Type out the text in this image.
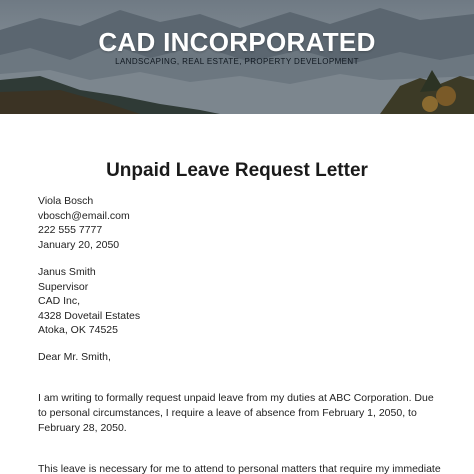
CAD INCORPORATED
LANDSCAPING, REAL ESTATE, PROPERTY DEVELOPMENT
Unpaid Leave Request Letter
Viola Bosch
vbosch@email.com
222 555 7777
January 20, 2050
Janus Smith
Supervisor
CAD Inc,
4328 Dovetail Estates
Atoka, OK 74525
Dear Mr. Smith,
I am writing to formally request unpaid leave from my duties at ABC Corporation. Due to personal circumstances, I require a leave of absence from February 1, 2050, to February 28, 2050.
This leave is necessary for me to attend to personal matters that require my immediate
